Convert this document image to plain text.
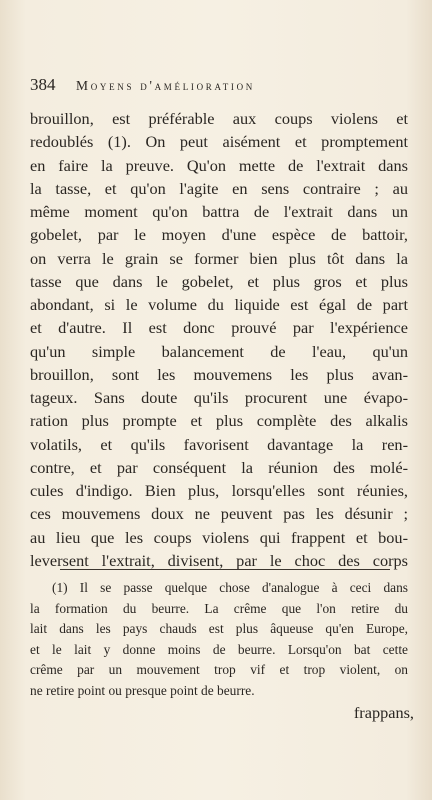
384 Moyens d'amélioration
brouillon, est préférable aux coups violens et
redoublés (1). On peut aisément et promptement
en faire la preuve. Qu'on mette de l'extrait dans
la tasse, et qu'on l'agite en sens contraire ; au
même moment qu'on battra de l'extrait dans un
gobelet, par le moyen d'une espèce de battoir,
on verra le grain se former bien plus tôt dans la
tasse que dans le gobelet, et plus gros et plus
abondant, si le volume du liquide est égal de part
et d'autre. Il est donc prouvé par l'expérience
qu'un simple balancement de l'eau, qu'un
brouillon, sont les mouvemens les plus avan-
tageux. Sans doute qu'ils procurent une évapo-
ration plus prompte et plus complète des alkalis
volatils, et qu'ils favorisent davantage la ren-
contre, et par conséquent la réunion des molé-
cules d'indigo. Bien plus, lorsqu'elles sont réunies,
ces mouvemens doux ne peuvent pas les désunir ;
au lieu que les coups violens qui frappent et bou-
leversent l'extrait, divisent, par le choc des corps
(1) Il se passe quelque chose d'analogue à ceci dans
la formation du beurre. La crême que l'on retire du
lait dans les pays chauds est plus âqueuse qu'en Europe,
et le lait y donne moins de beurre. Lorsqu'on bat cette
crême par un mouvement trop vif et trop violent, on
ne retire point ou presque point de beurre.
frappans,
